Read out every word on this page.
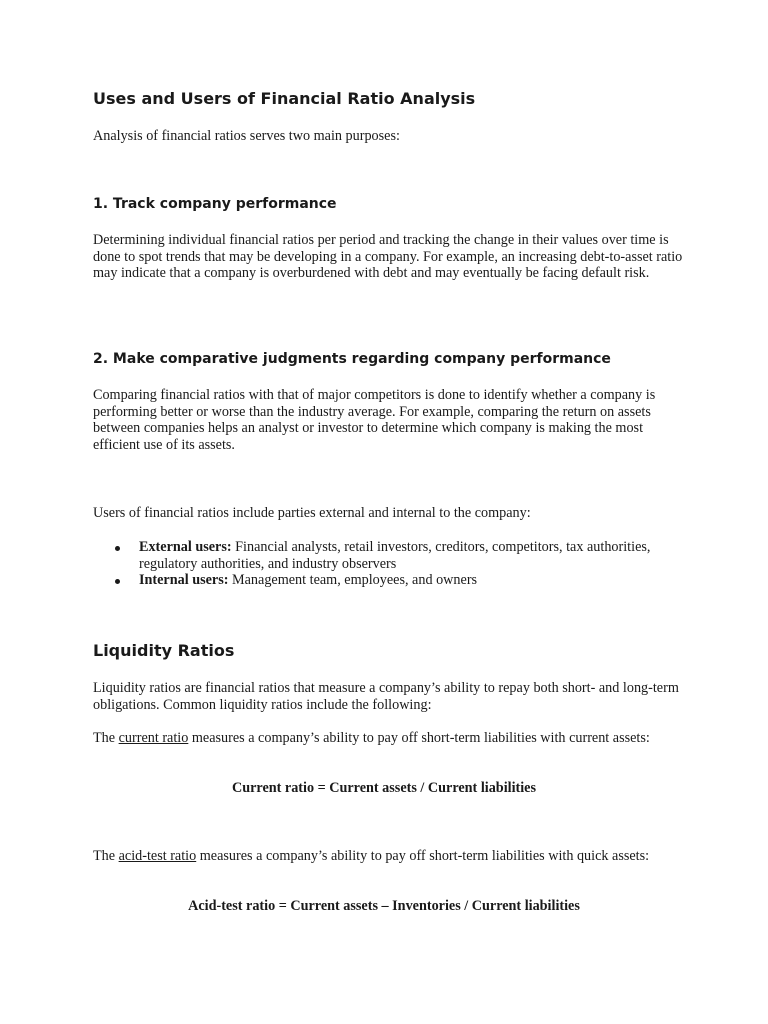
Uses and Users of Financial Ratio Analysis

Analysis of financial ratios serves two main purposes:

1. Track company performance

Determining individual financial ratios per period and tracking the change in their values over time is done to spot trends that may be developing in a company. For example, an increasing debt-to-asset ratio may indicate that a company is overburdened with debt and may eventually be facing default risk.

2. Make comparative judgments regarding company performance

Comparing financial ratios with that of major competitors is done to identify whether a company is performing better or worse than the industry average. For example, comparing the return on assets between companies helps an analyst or investor to determine which company is making the most efficient use of its assets.

Users of financial ratios include parties external and internal to the company:

External users: Financial analysts, retail investors, creditors, competitors, tax authorities, regulatory authorities, and industry observers
Internal users: Management team, employees, and owners
Liquidity Ratios

Liquidity ratios are financial ratios that measure a company’s ability to repay both short- and long-term obligations. Common liquidity ratios include the following:

The current ratio measures a company’s ability to pay off short-term liabilities with current assets:

Current ratio = Current assets / Current liabilities

The acid-test ratio measures a company’s ability to pay off short-term liabilities with quick assets:

Acid-test ratio = Current assets – Inventories / Current liabilities
